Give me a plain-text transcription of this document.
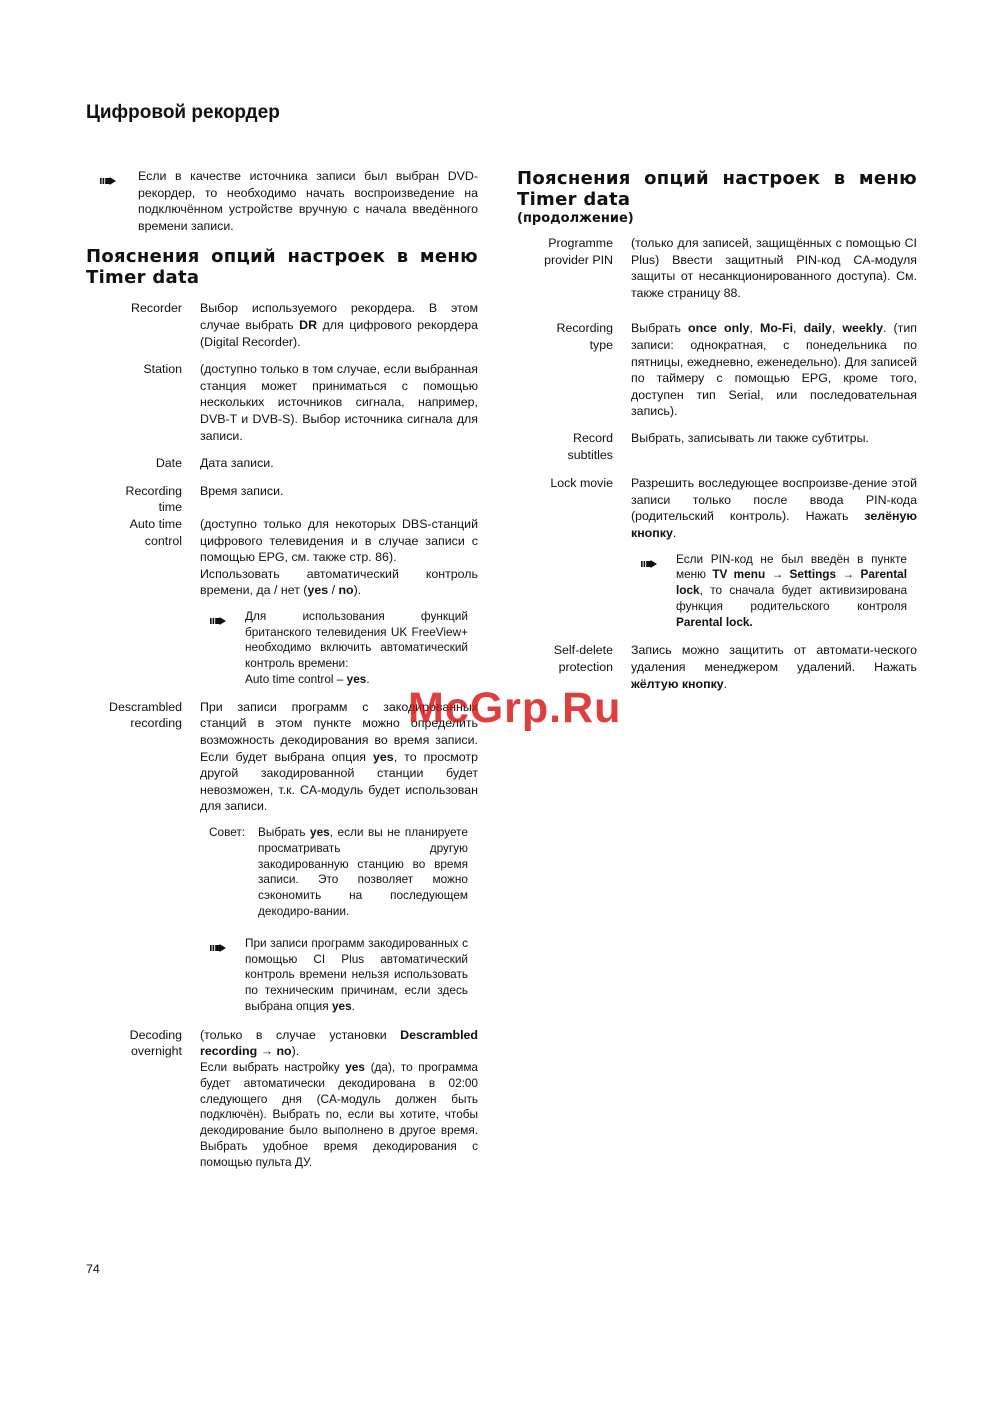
Цифровой рекордер
Если в качестве источника записи был выбран DVD-рекордер, то необходимо начать воспроизведение на подключённом устройстве вручную с начала введённого времени записи.
Пояснения опций настроек в меню
Timer data
Recorder Выбор используемого рекордера. В этом случае выбрать DR для цифрового рекордера (Digital Recorder).
Station (доступно только в том случае, если выбранная станция может приниматься с помощью нескольких источников сигнала, например, DVB-T и DVB-S). Выбор источника сигнала для записи.
Date Дата записи.
Recording
time
Время записи.
Auto time
control
(доступно только для некоторых DBS-станций цифрового телевидения и в случае записи с помощью EPG, см. также стр. 86).
Использовать автоматический контроль времени, да / нет (yes / no).
Для использования функций британского телевидения UK FreeView+ необходимо включить автоматический контроль времени:
Auto time control – yes.
Descrambled
recording
При записи программ с закодированных станций в этом пункте можно определить возможность декодирования во время записи. Если будет выбрана опция yes, то просмотр другой закодированной станции будет невозможен, т.к. CA-модуль будет использован для записи.
Совет:	Выбрать yes, если вы не планируете просматривать другую закодированную станцию во время записи. Это позволяет можно сэкономить на последующем декодиро-вании.
При записи программ закодированных с помощью CI Plus автоматический контроль времени нельзя использовать по техническим причинам, если здесь выбрана опция yes.
Decoding
overnight
(только в случае установки Descrambled recording → no).
Если выбрать настройку yes (да), то программа будет автоматически декодирована в 02:00 следующего дня (CA-модуль должен быть подключён). Выбрать no, если вы хотите, чтобы декодирование было выполнено в другое время. Выбрать удобное время декодирования с помощью пульта ДУ.
Пояснения опций настроек в меню
Timer data
(продолжение)
Programme
provider PIN
(только для записей, защищённых с помощью CI Plus) Ввести защитный PIN-код CA-модуля защиты от несанкционированного доступа). См. также страницу 88.
Recording
type
Выбрать once only, Mo-Fi, daily, weekly. (тип записи: однократная, с понедельника по пятницы, ежедневно, еженедельно). Для записей по таймеру с помощью EPG, кроме того, доступен тип Serial, или последовательная запись).
Record
subtitles
Выбрать, записывать ли также субтитры.
Lock movie Разрешить воследующее воспроизве-дение этой записи только после ввода PIN-кода (родительский контроль). Нажать зелёную кнопку.
Если PIN-код не был введён в пункте меню TV menu → Settings → Parental lock, то сначала будет активизирована функция родительского контроля Parental lock.
Self-delete
protection
Запись можно защитить от автомати-ческого удаления менеджером удалений. Нажать жёлтую кнопку.
McGrp.Ru
74
